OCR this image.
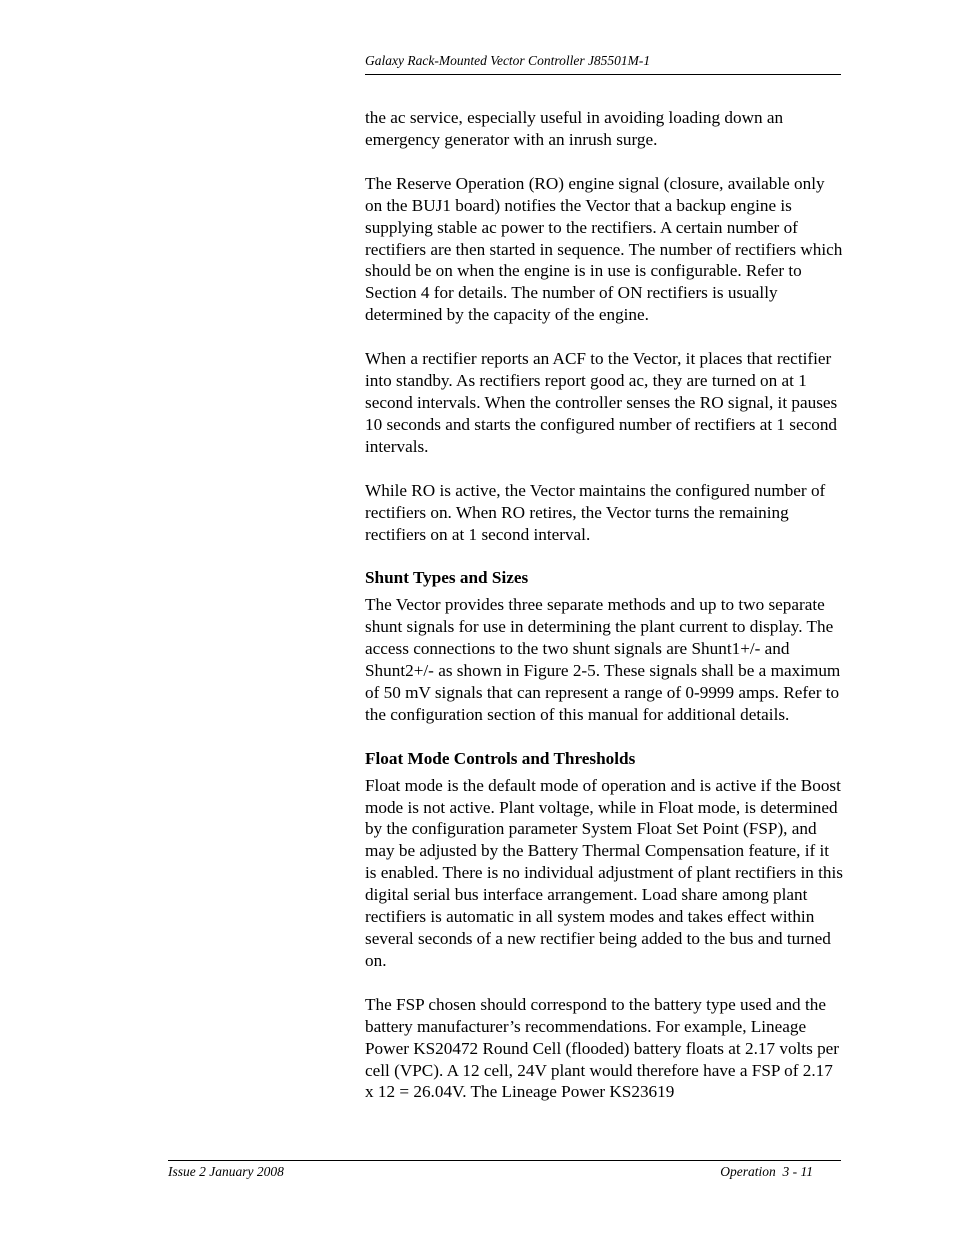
Galaxy Rack-Mounted Vector Controller J85501M-1

the ac service, especially useful in avoiding loading down an emergency generator with an inrush surge.

The Reserve Operation (RO) engine signal (closure, available only on the BUJ1 board) notifies the Vector that a backup engine is supplying stable ac power to the rectifiers. A certain number of rectifiers are then started in sequence. The number of rectifiers which should be on when the engine is in use is configurable. Refer to Section 4 for details. The number of ON rectifiers is usually determined by the capacity of the engine.

When a rectifier reports an ACF to the Vector, it places that rectifier into standby. As rectifiers report good ac, they are turned on at 1 second intervals. When the controller senses the RO signal, it pauses 10 seconds and starts the configured number of rectifiers at 1 second intervals.

While RO is active, the Vector maintains the configured number of rectifiers on. When RO retires, the Vector turns the remaining rectifiers on at 1 second interval.

Shunt Types and Sizes

The Vector provides three separate methods and up to two separate shunt signals for use in determining the plant current to display. The access connections to the two shunt signals are Shunt1+/- and Shunt2+/- as shown in Figure 2-5. These signals shall be a maximum of 50 mV signals that can represent a range of 0-9999 amps. Refer to the configuration section of this manual for additional details.

Float Mode Controls and Thresholds

Float mode is the default mode of operation and is active if the Boost mode is not active. Plant voltage, while in Float mode, is determined by the configuration parameter System Float Set Point (FSP), and may be adjusted by the Battery Thermal Compensation feature, if it is enabled. There is no individual adjustment of plant rectifiers in this digital serial bus interface arrangement. Load share among plant rectifiers is automatic in all system modes and takes effect within several seconds of a new rectifier being added to the bus and turned on.

The FSP chosen should correspond to the battery type used and the battery manufacturer’s recommendations. For example, Lineage Power KS20472 Round Cell (flooded) battery floats at 2.17 volts per cell (VPC). A 12 cell, 24V plant would therefore have a FSP of 2.17 x 12 = 26.04V. The Lineage Power KS23619

Issue 2 January 2008	Operation  3 - 11
